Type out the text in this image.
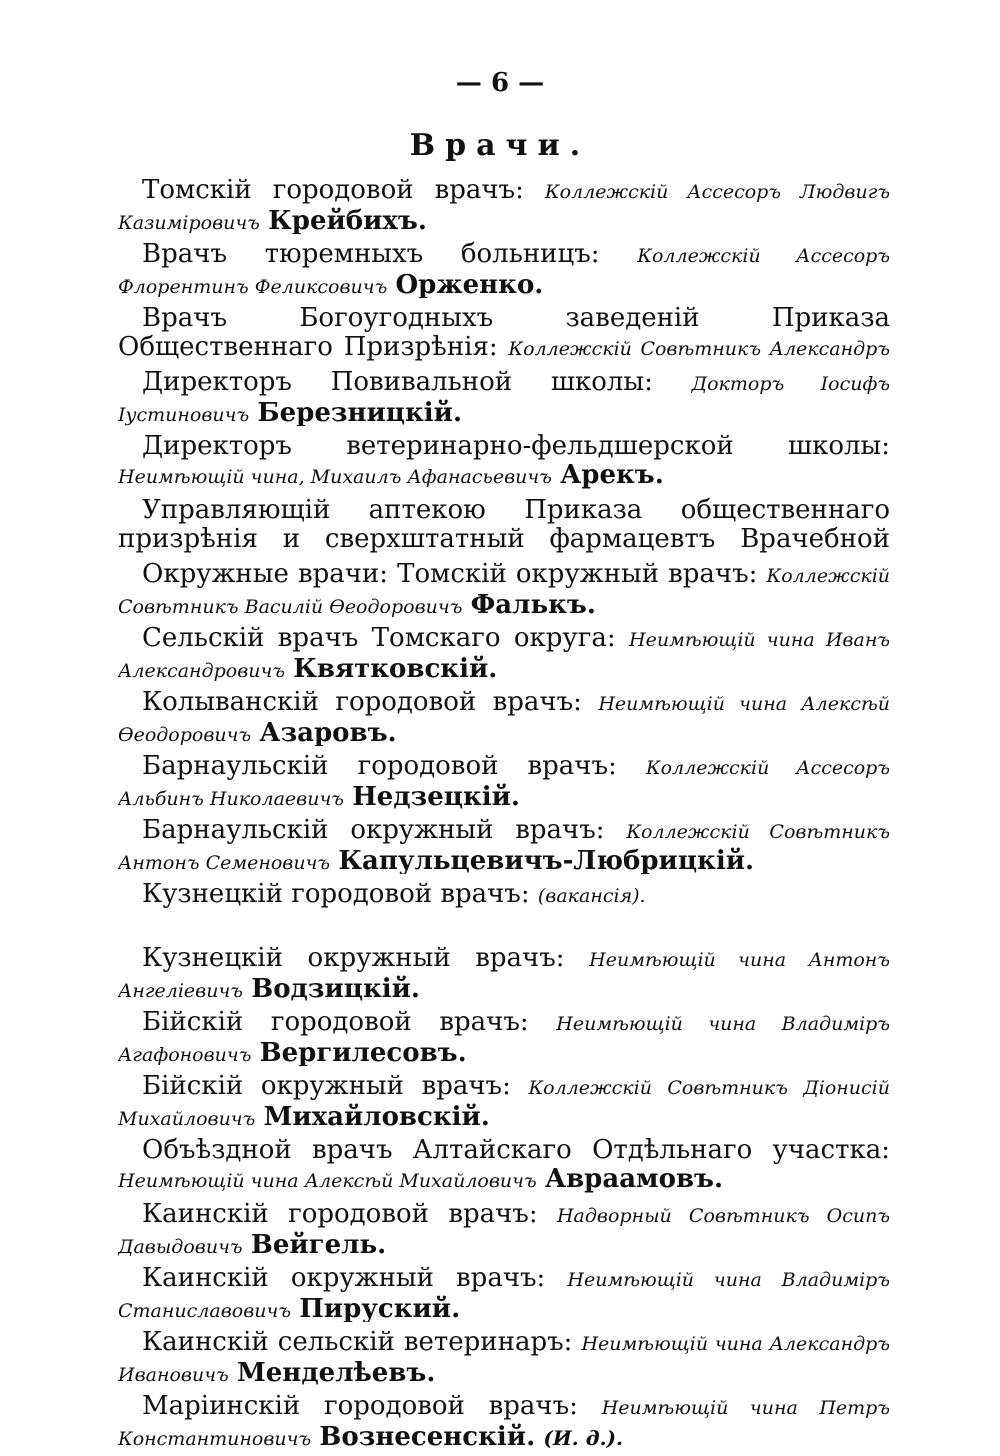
— 6 —
Врачи.
Томскій городовой врачъ: Коллежскій Ассесоръ Людвигъ Казиміровичъ Крейбихъ.
Врачъ тюремныхъ больницъ: Коллежскій Ассесоръ Флорентинъ Феликсовичъ Орженко.
Врачъ Богоугодныхъ заведеній Приказа Общественнаго Призрѣнія: Коллежскій Совѣтникъ Александръ
Директоръ Повивальной школы: Докторъ Іосифъ Іустиновичъ Березницкій.
Директоръ ветеринарно-фельдшерской школы: Неимѣющій чина, Михаилъ Афанасьевичъ Арекъ.
Управляющій аптекою Приказа общественнаго призрѣнія и сверхштатный фармацевтъ Врачебной
Окружные врачи: Томскій окружный врачъ: Коллежскій Совѣтникъ Василій Өеодоровичъ Фалькъ.
Сельскій врачъ Томскаго округа: Неимѣющій чина Иванъ Александровичъ Квятковскій.
Колыванскій городовой врачъ: Неимѣющій чина Алексѣй Өеодоровичъ Азаровъ.
Барнаульскій городовой врачъ: Коллежскій Ассесоръ Альбинъ Николаевичъ Недзецкій.
Барнаульскій окружный врачъ: Коллежскій Совѣтникъ Антонъ Семеновичъ Капульцевичъ-Любрицкій.
Кузнецкій городовой врачъ: (вакансія).
Кузнецкій окружный врачъ: Неимѣющій чина Антонъ Ангеліевичъ Водзицкій.
Бійскій городовой врачъ: Неимѣющій чина Владиміръ Агафоновичъ Вергилесовъ.
Бійскій окружный врачъ: Коллежскій Совѣтникъ Діонисій Михайловичъ Михайловскій.
Объѣздной врачъ Алтайскаго Отдѣльнаго участка: Неимѣющій чина Алексѣй Михайловичъ Авраамовъ.
Каинскій городовой врачъ: Надворный Совѣтникъ Осипъ Давыдовичъ Вейгель.
Каинскій окружный врачъ: Неимѣющій чина Владиміръ Станиславовичъ Пируский.
Каинскій сельскій ветеринаръ: Неимѣющій чина Александръ Ивановичъ Менделѣевъ.
Маріинскій городовой врачъ: Неимѣющій чина Петръ Константиновичъ Вознесенскій. (И. д.).
